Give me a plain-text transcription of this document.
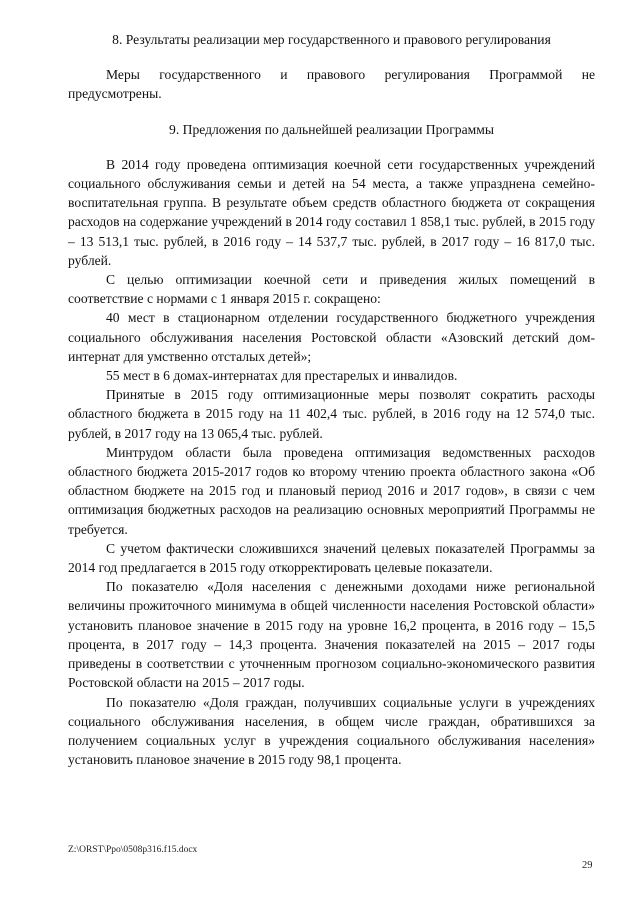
8. Результаты реализации мер государственного и правового регулирования

Меры государственного и правового регулирования Программой не предусмотрены.

9. Предложения по дальнейшей реализации Программы

В 2014 году проведена оптимизация коечной сети государственных учреждений социального обслуживания семьи и детей на 54 места, а также упразднена семейно-воспитательная группа. В результате объем средств областного бюджета от сокращения расходов на содержание учреждений в 2014 году составил 1 858,1 тыс. рублей, в 2015 году – 13 513,1 тыс. рублей, в 2016 году – 14 537,7 тыс. рублей, в 2017 году – 16 817,0 тыс. рублей.

С целью оптимизации коечной сети и приведения жилых помещений в соответствие с нормами с 1 января 2015 г. сокращено:

40 мест в стационарном отделении государственного бюджетного учреждения социального обслуживания населения Ростовской области «Азовский детский дом-интернат для умственно отсталых детей»;

55 мест в 6 домах-интернатах для престарелых и инвалидов.

Принятые в 2015 году оптимизационные меры позволят сократить расходы областного бюджета в 2015 году на 11 402,4 тыс. рублей, в 2016 году на 12 574,0 тыс. рублей, в 2017 году на 13 065,4 тыс. рублей.

Минтрудом области была проведена оптимизация ведомственных расходов областного бюджета 2015-2017 годов ко второму чтению проекта областного закона «Об областном бюджете на 2015 год и плановый период 2016 и 2017 годов», в связи с чем оптимизация бюджетных расходов на реализацию основных мероприятий Программы не требуется.

С учетом фактически сложившихся значений целевых показателей Программы за 2014 год предлагается в 2015 году откорректировать целевые показатели.

По показателю «Доля населения с денежными доходами ниже региональной величины прожиточного минимума в общей численности населения Ростовской области» установить плановое значение в 2015 году на уровне 16,2 процента, в 2016 году – 15,5 процента, в 2017 году – 14,3 процента. Значения показателей на 2015 – 2017 годы приведены в соответствии с уточненным прогнозом социально-экономического развития Ростовской области на 2015 – 2017 годы.

По показателю «Доля граждан, получивших социальные услуги в учреждениях социального обслуживания населения, в общем числе граждан, обратившихся за получением социальных услуг в учреждения социального обслуживания населения» установить плановое значение в 2015 году 98,1 процента.

Z:\ORST\Ppo\0508p316.f15.docx
29
